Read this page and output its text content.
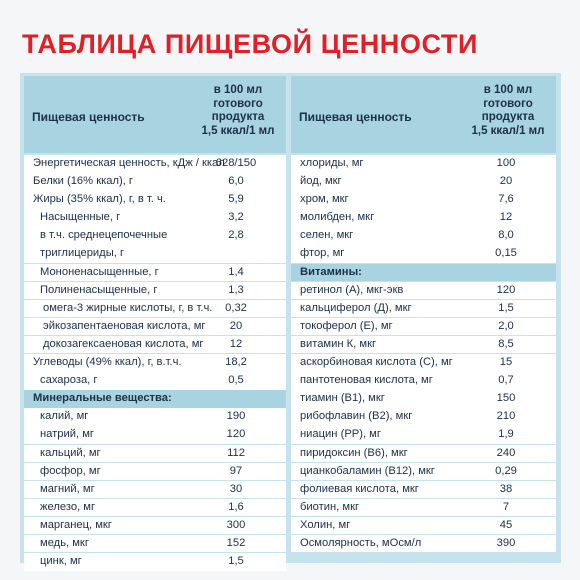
ТАБЛИЦА ПИЩЕВОЙ ЦЕННОСТИ
Пищевая ценность
в 100 мл
готового
продукта
1,5 ккал/1 мл
Энергетическая ценность, кДж / ккал
628/150
Белки (16% ккал), г	6,0
Жиры (35% ккал), г, в т. ч.	5,9
Насыщенные, г	3,2
в т.ч. среднецепочечные	2,8
триглицериды, г
Мононенасыщенные, г	1,4
Полиненасыщенные, г	1,3
омега-3 жирные кислоты, г, в т.ч.	0,32
эйкозапентаеновая кислота, мг	20
докозагексаеновая кислота, мг	12
Углеводы (49% ккал), г, в.т.ч.	18,2
сахароза, г	0,5
Минеральные вещества:
калий, мг	190
натрий, мг	120
кальций, мг	112
фосфор, мг	97
магний, мг	30
железо, мг	1,6
марганец, мкг	300
медь, мкг	152
цинк, мг	1,5
Пищевая ценность
в 100 мл
готового
продукта
1,5 ккал/1 мл
хлориды, мг	100
йод, мкг	20
хром, мкг	7,6
молибден, мкг	12
селен, мкг	8,0
фтор, мг	0,15
Витамины:
ретинол (А), мкг-экв	120
кальциферол (Д), мкг	1,5
токоферол (Е), мг	2,0
витамин К, мкг	8,5
аскорбиновая кислота (С), мг	15
пантотеновая кислота, мг	0,7
тиамин (В1), мкг	150
рибофлавин (В2), мкг	210
ниацин (РР), мг	1,9
пиридоксин (В6), мкг	240
цианкобаламин (В12), мкг	0,29
фолиевая кислота, мкг	38
биотин, мкг	7
Холин, мг	45
Осмолярность, мОсм/л	390
